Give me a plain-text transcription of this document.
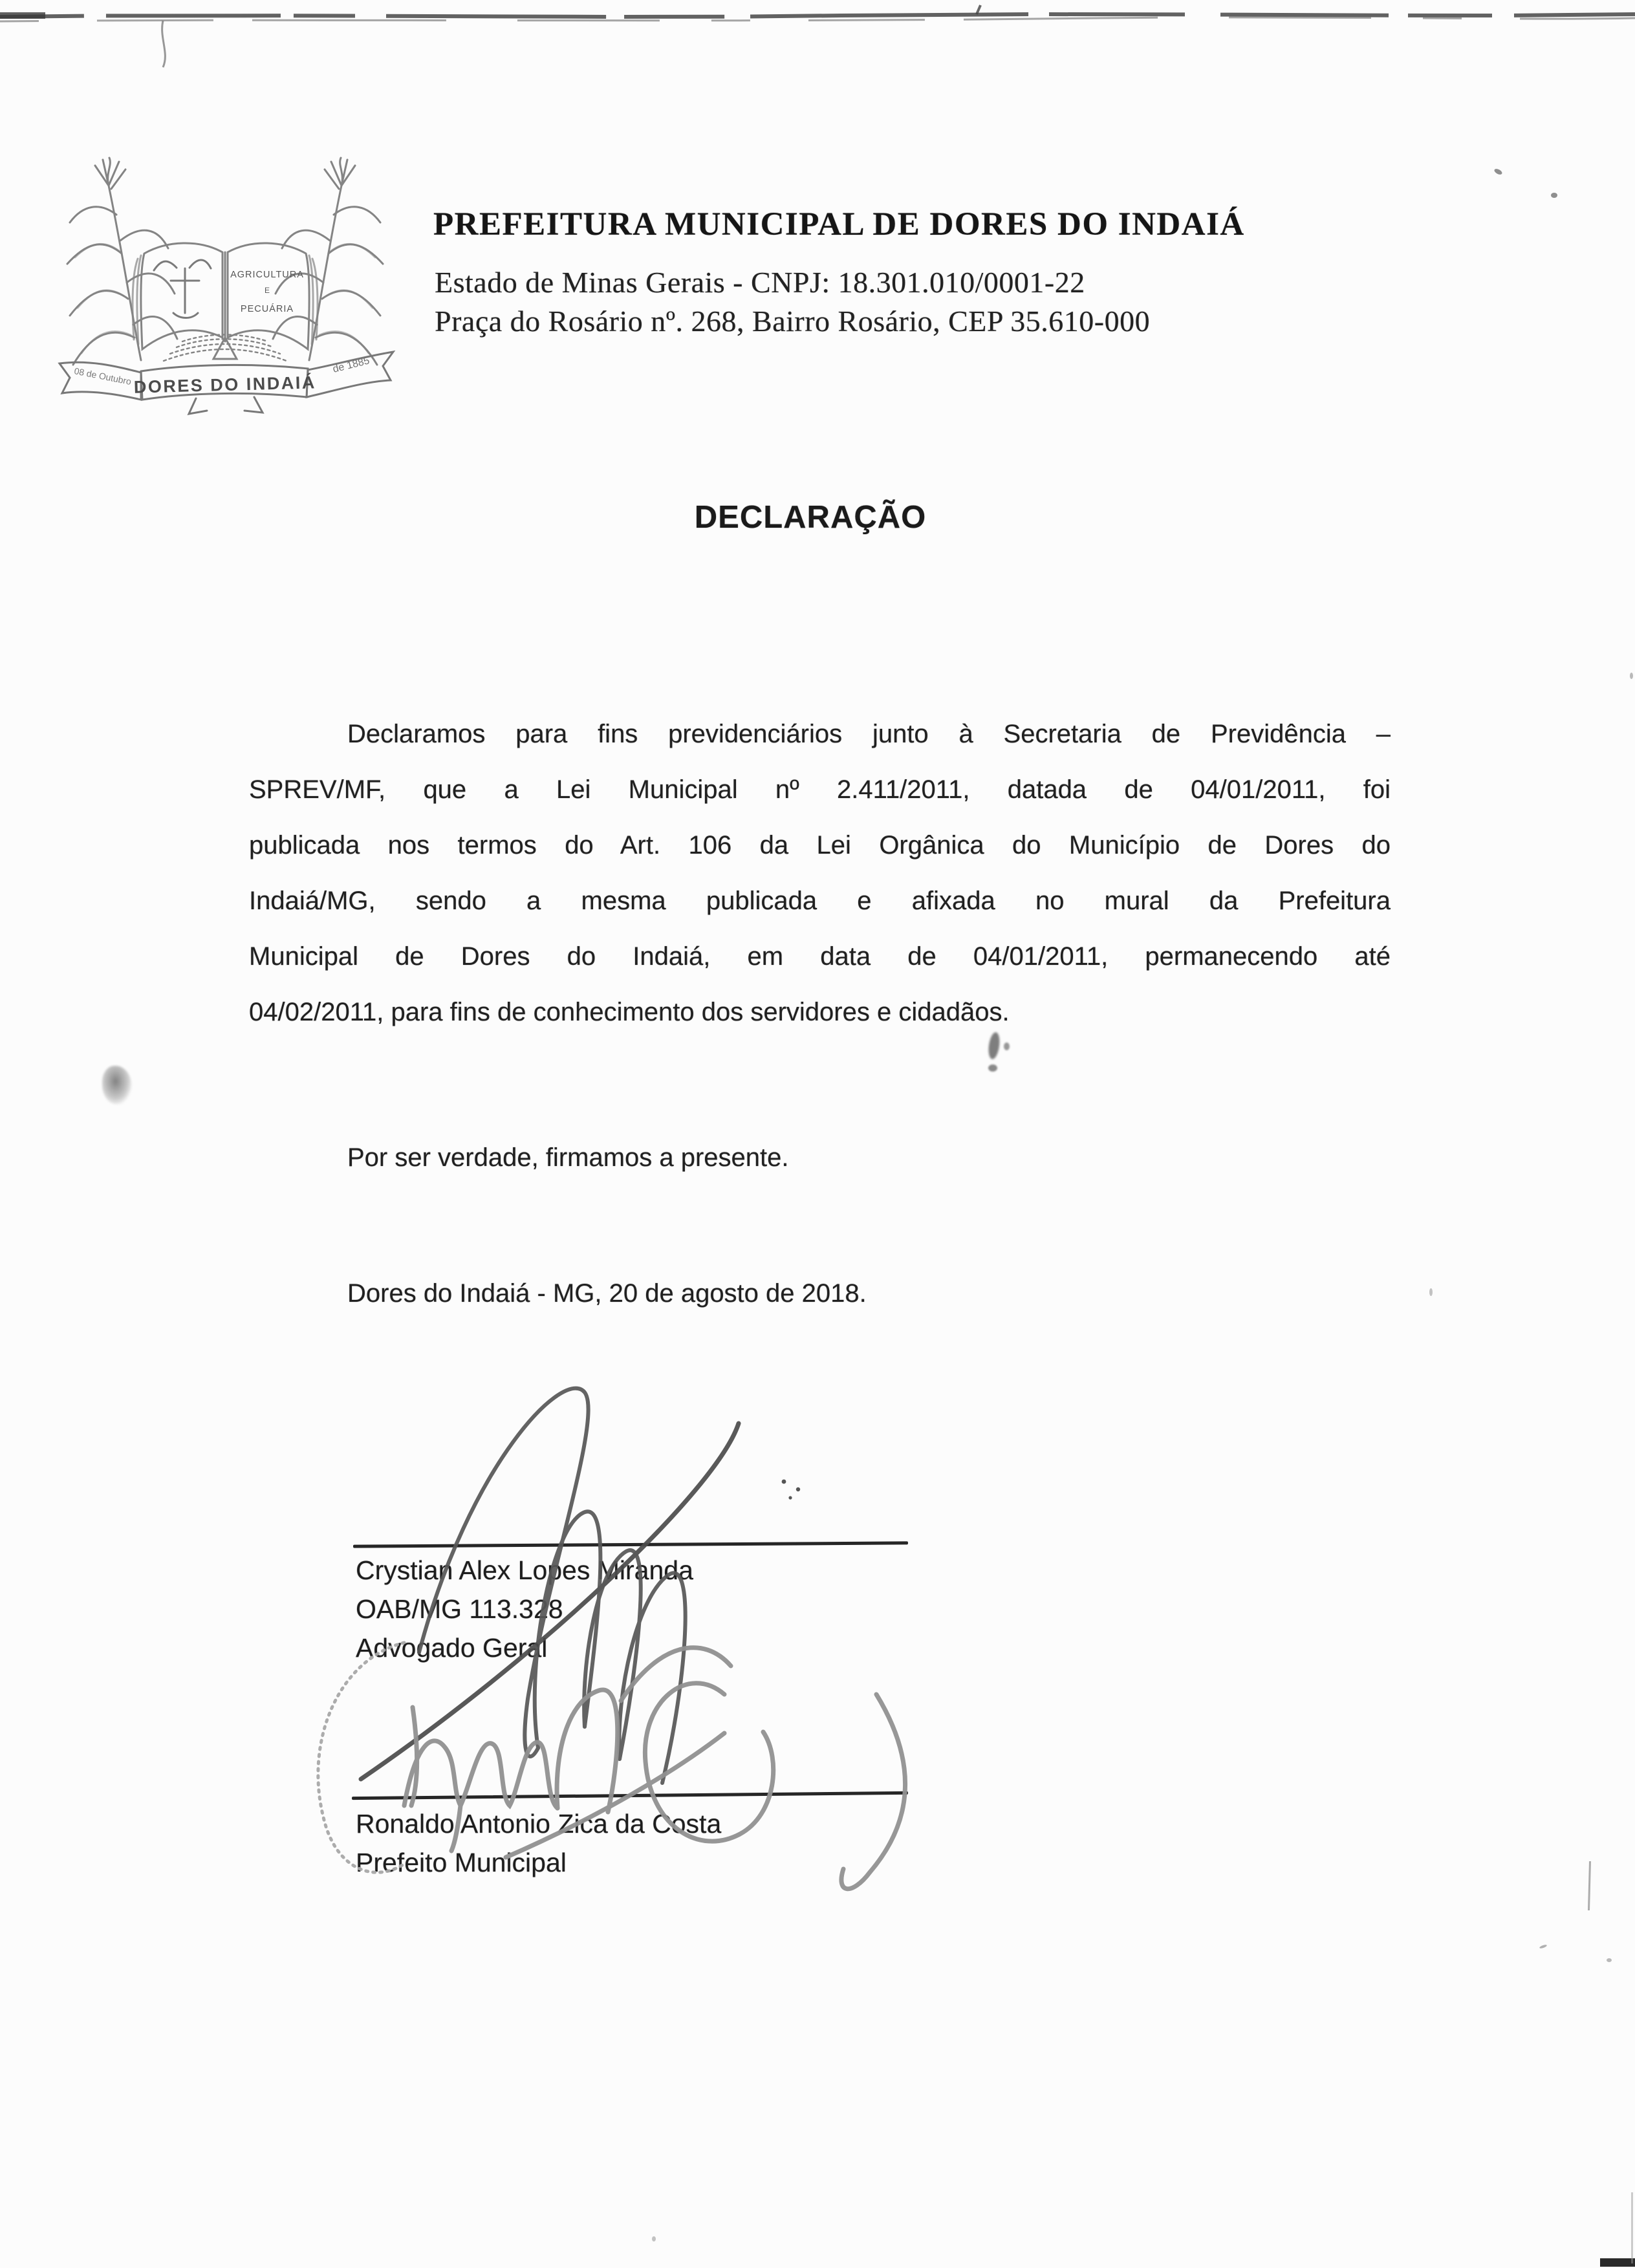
AGRICULTURA
E
PECUÁRIA
DORES DO INDAIÁ
08 de Outubro
de 1885
PREFEITURA MUNICIPAL DE DORES DO INDAIÁ
Estado de Minas Gerais - CNPJ: 18.301.010/0001-22
Praça do Rosário nº. 268, Bairro Rosário, CEP 35.610-000
DECLARAÇÃO
Declaramos para fins previdenciários junto à Secretaria de Previdência –
SPREV/MF, que a Lei Municipal nº 2.411/2011, datada de 04/01/2011, foi
publicada nos termos do Art. 106 da Lei Orgânica do Município de Dores do
Indaiá/MG, sendo a mesma publicada e afixada no mural da Prefeitura
Municipal de Dores do Indaiá, em data de 04/01/2011, permanecendo até
04/02/2011, para fins de conhecimento dos servidores e cidadãos.
Por ser verdade, firmamos a presente.
Dores do Indaiá - MG, 20 de agosto de 2018.
Crystian Alex Lopes Miranda
OAB/MG 113.328
Advogado Geral
Ronaldo Antonio Zica da Costa
Prefeito Municipal
